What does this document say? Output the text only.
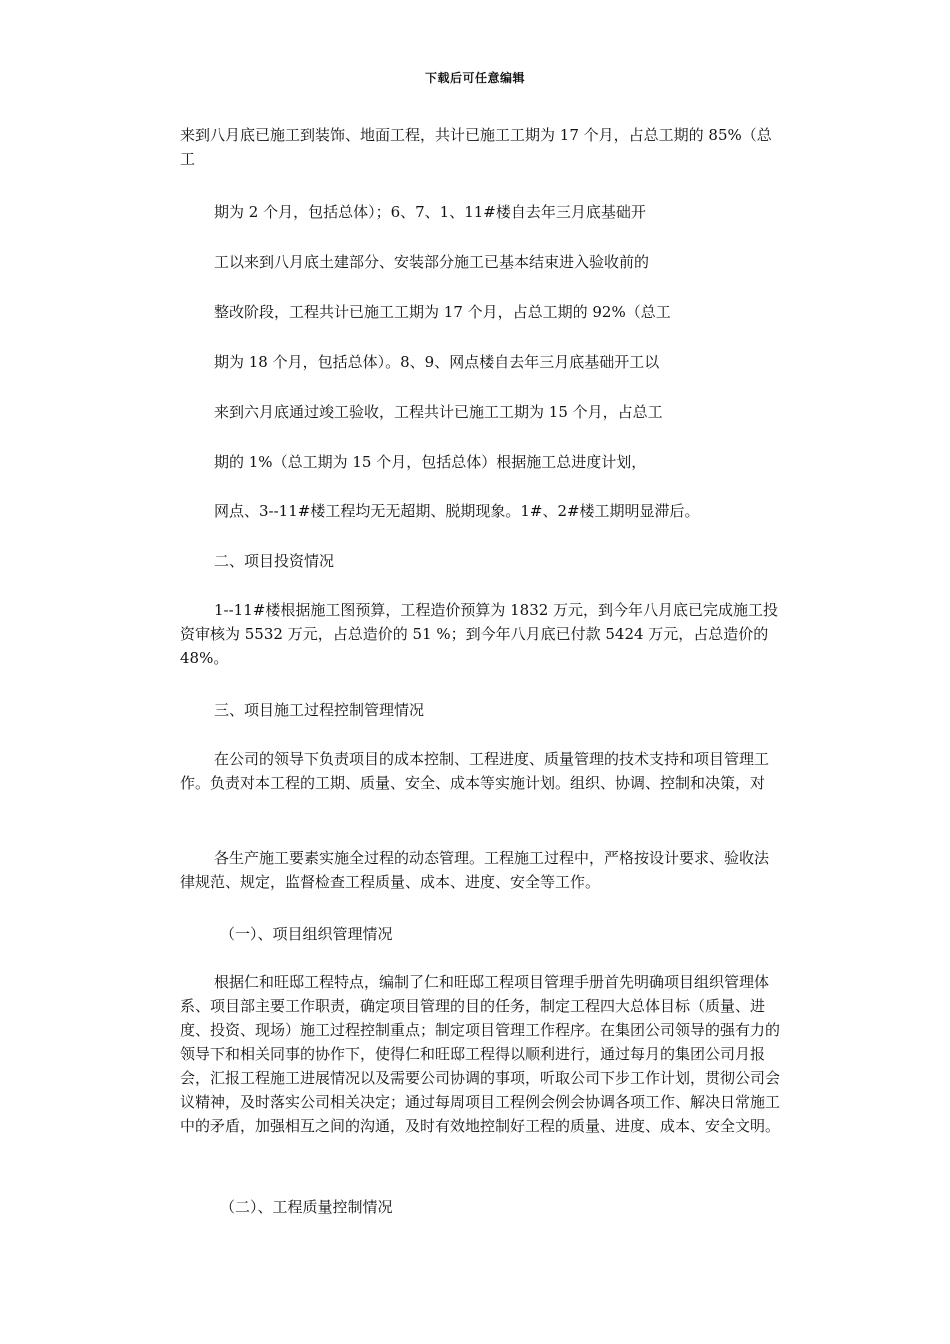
下载后可任意编辑
来到八月底已施工到装饰、地面工程，共计已施工工期为 17 个月，占总工期的 85%（总工
期为 2 个月，包括总体）；6、7、1、11#楼自去年三月底基础开
工以来到八月底土建部分、安装部分施工已基本结束进入验收前的
整改阶段，工程共计已施工工期为 17 个月，占总工期的 92%（总工
期为 18 个月，包括总体）。8、9、网点楼自去年三月底基础开工以
来到六月底通过竣工验收，工程共计已施工工期为 15 个月，占总工
期的 1%（总工期为 15 个月，包括总体）根据施工总进度计划，
网点、3--11#楼工程均无无超期、脱期现象。1#、2#楼工期明显滞后。
二、项目投资情况
1--11#楼根据施工图预算，工程造价预算为 1832 万元，到今年八月底已完成施工投资审核为 5532 万元，占总造价的 51 %；到今年八月底已付款 5424 万元，占总造价的 48%。
三、项目施工过程控制管理情况
在公司的领导下负责项目的成本控制、工程进度、质量管理的技术支持和项目管理工作。负责对本工程的工期、质量、安全、成本等实施计划。组织、协调、控制和决策，对
各生产施工要素实施全过程的动态管理。工程施工过程中，严格按设计要求、验收法律规范、规定，监督检查工程质量、成本、进度、安全等工作。
（一）、项目组织管理情况
根据仁和旺邸工程特点，编制了仁和旺邸工程项目管理手册首先明确项目组织管理体系、项目部主要工作职责，确定项目管理的目的任务，制定工程四大总体目标（质量、进度、投资、现场）施工过程控制重点；制定项目管理工作程序。在集团公司领导的强有力的领导下和相关同事的协作下，使得仁和旺邸工程得以顺利进行，通过每月的集团公司月报会，汇报工程施工进展情况以及需要公司协调的事项，听取公司下步工作计划，贯彻公司会议精神，及时落实公司相关决定；通过每周项目工程例会例会协调各项工作、解决日常施工中的矛盾，加强相互之间的沟通，及时有效地控制好工程的质量、进度、成本、安全文明。
（二）、工程质量控制情况
